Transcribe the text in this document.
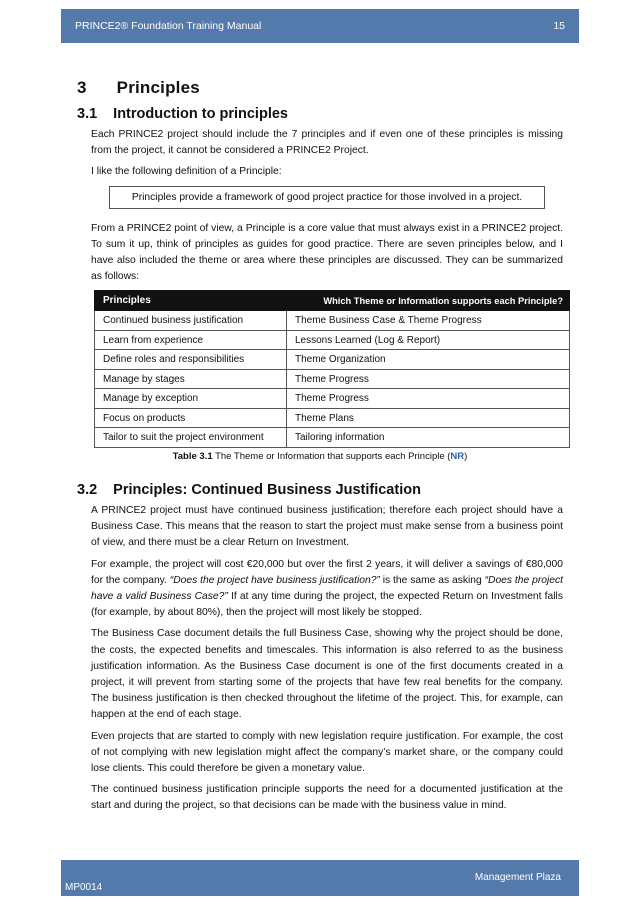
PRINCE2® Foundation Training Manual	15
3 Principles
3.1 Introduction to principles

Each PRINCE2 project should include the 7 principles and if even one of these principles is missing from the project, it cannot be considered a PRINCE2 Project.

I like the following definition of a Principle:

Principles provide a framework of good project practice for those involved in a project.

From a PRINCE2 point of view, a Principle is a core value that must always exist in a PRINCE2 project. To sum it up, think of principles as guides for good practice. There are seven principles below, and I have also included the theme or area where these principles are discussed. They can be summarized as follows:

Principles	Which Theme or Information supports each Principle?
Continued business justification	Theme Business Case & Theme Progress
Learn from experience	Lessons Learned (Log & Report)
Define roles and responsibilities	Theme Organization
Manage by stages	Theme Progress
Manage by exception	Theme Progress
Focus on products	Theme Plans
Tailor to suit the project environment	Tailoring information
Table 3.1 The Theme or Information that supports each Principle (NR)
3.2 Principles: Continued Business Justification

A PRINCE2 project must have continued business justification; therefore each project should have a Business Case. This means that the reason to start the project must make sense from a business point of view, and there must be a clear Return on Investment.

For example, the project will cost €20,000 but over the first 2 years, it will deliver a savings of €80,000 for the company. “Does the project have business justification?” is the same as asking “Does the project have a valid Business Case?” If at any time during the project, the expected Return on Investment falls (for example, by about 80%), then the project will most likely be stopped.

The Business Case document details the full Business Case, showing why the project should be done, the costs, the expected benefits and timescales. This information is also referred to as the business justification information. As the Business Case document is one of the first documents created in a project, it will prevent from starting some of the projects that have few real benefits for the company. The business justification is then checked throughout the lifetime of the project. This, for example, can happen at the end of each stage.

Even projects that are started to comply with new legislation require justification. For example, the cost of not complying with new legislation might affect the company’s market share, or the company could lose clients. This could therefore be given a monetary value.

The continued business justification principle supports the need for a documented justification at the start and during the project, so that decisions can be made with the business value in mind.

MP0014
Management Plaza
